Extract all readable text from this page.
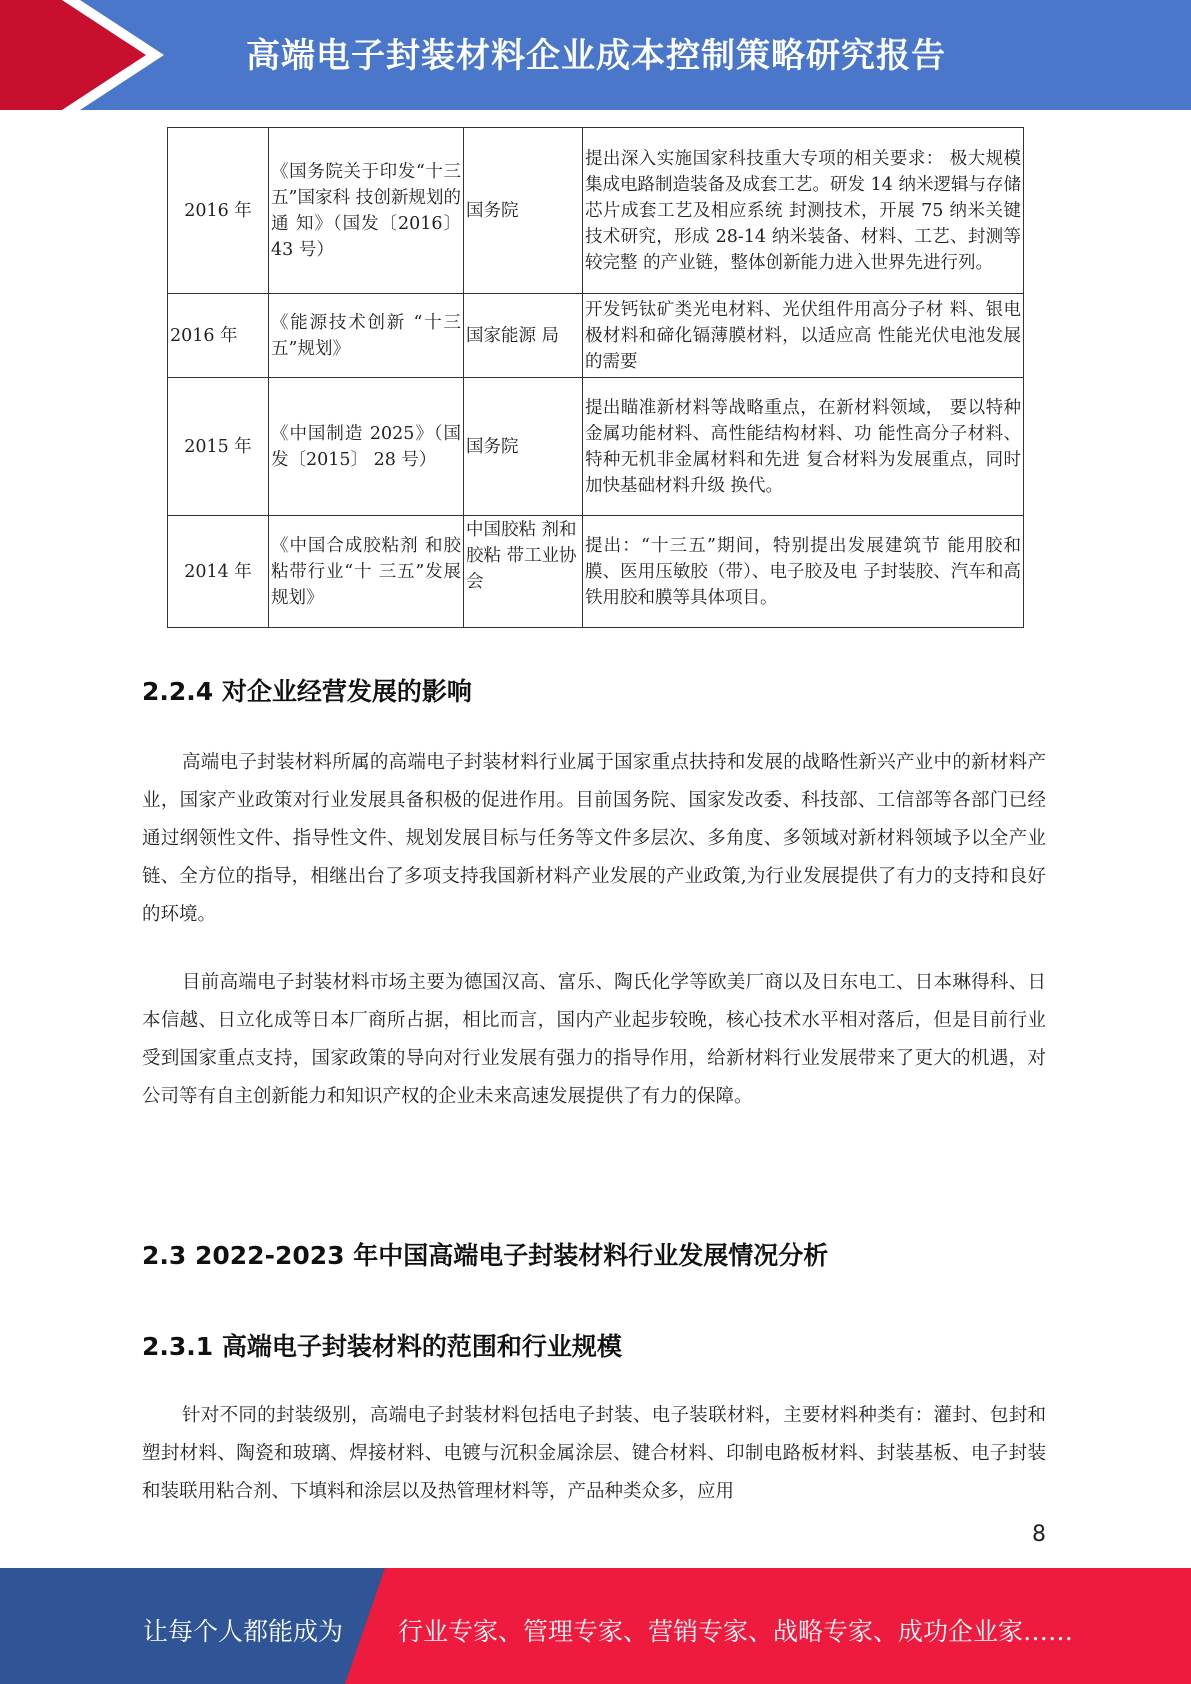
高端电子封装材料企业成本控制策略研究报告
2016 年	《国务院关于印发“十三五”国家科 技创新规划的通 知》（国发〔2016〕 43 号）	国务院	提出深入实施国家科技重大专项的相关要求： 极大规模集成电路制造装备及成套工艺。研发 14 纳米逻辑与存储芯片成套工艺及相应系统 封测技术，开展 75 纳米关键技术研究，形成 28-14 纳米装备、材料、工艺、封测等较完整 的产业链，整体创新能力进入世界先进行列。
2016 年	《能源技术创新 “十三五”规划》	国家能源 局	开发钙钛矿类光电材料、光伏组件用高分子材 料、银电极材料和碲化镉薄膜材料，以适应高 性能光伏电池发展的需要
2015 年	《中国制造 2025》（国发〔2015〕 28 号）	国务院	提出瞄准新材料等战略重点，在新材料领域， 要以特种金属功能材料、高性能结构材料、功 能性高分子材料、特种无机非金属材料和先进 复合材料为发展重点，同时加快基础材料升级 换代。
2014 年	《中国合成胶粘剂 和胶粘带行业“十 三五”发展规划》	中国胶粘 剂和胶粘 带工业协 会	提出：“十三五”期间，特别提出发展建筑节 能用胶和膜、医用压敏胶（带）、电子胶及电 子封装胶、汽车和高铁用胶和膜等具体项目。
2.2.4 对企业经营发展的影响

高端电子封装材料所属的高端电子封装材料行业属于国家重点扶持和发展的战略性新兴产业中的新材料产业，国家产业政策对行业发展具备积极的促进作用。目前国务院、国家发改委、科技部、工信部等各部门已经通过纲领性文件、指导性文件、规划发展目标与任务等文件多层次、多角度、多领域对新材料领域予以全产业链、全方位的指导，相继出台了多项支持我国新材料产业发展的产业政策,为行业发展提供了有力的支持和良好的环境。

目前高端电子封装材料市场主要为德国汉高、富乐、陶氏化学等欧美厂商以及日东电工、日本琳得科、日本信越、日立化成等日本厂商所占据，相比而言，国内产业起步较晚，核心技术水平相对落后，但是目前行业受到国家重点支持，国家政策的导向对行业发展有强力的指导作用，给新材料行业发展带来了更大的机遇，对公司等有自主创新能力和知识产权的企业未来高速发展提供了有力的保障。

2.3 2022-2023 年中国高端电子封装材料行业发展情况分析
2.3.1 高端电子封装材料的范围和行业规模

针对不同的封装级别，高端电子封装材料包括电子封装、电子装联材料，主要材料种类有：灌封、包封和塑封材料、陶瓷和玻璃、焊接材料、电镀与沉积金属涂层、键合材料、印制电路板材料、封装基板、电子封装和装联用粘合剂、下填料和涂层以及热管理材料等，产品种类众多，应用

8
让每个人都能成为 行业专家、管理专家、营销专家、战略专家、成功企业家……
